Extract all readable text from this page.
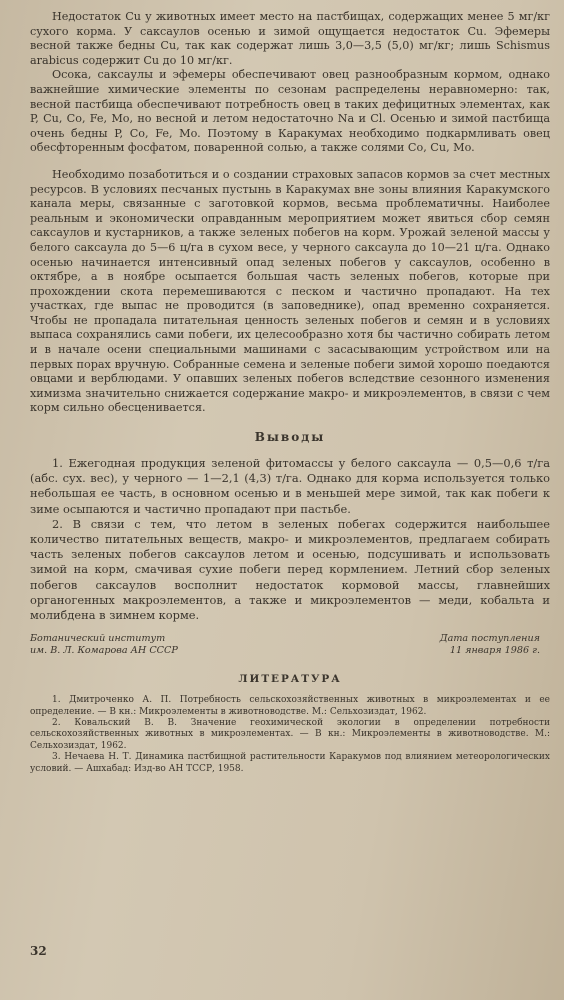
Недостаток Cu у животных имеет место на пастбищах, содержащих менее 5 мг/кг сухого корма. У саксаулов осенью и зимой ощущается недостаток Cu. Эфемеры весной также бедны Cu, так как содержат лишь 3,0—3,5 (5,0) мг/кг; лишь Schismus arabicus содержит Cu до 10 мг/кг.

Осока, саксаулы и эфемеры обеспечивают овец разнообразным кормом, однако важнейшие химические элементы по сезонам распределены неравномерно: так, весной пастбища обеспечивают потребность овец в таких дефицитных элементах, как P, Cu, Co, Fe, Mo, но весной и летом недостаточно Na и Cl. Осенью и зимой пастбища очень бедны P, Co, Fe, Mo. Поэтому в Каракумах необходимо подкармливать овец обесфторенным фосфатом, поваренной солью, а также солями Co, Cu, Mo.

Необходимо позаботиться и о создании страховых запасов кормов за счет местных ресурсов. В условиях песчаных пустынь в Каракумах вне зоны влияния Каракумского канала меры, связанные с заготовкой кормов, весьма проблематичны. Наиболее реальным и экономически оправданным мероприятием может явиться сбор семян саксаулов и кустарников, а также зеленых побегов на корм. Урожай зеленой массы у белого саксаула до 5—6 ц/га в сухом весе, у черного саксаула до 10—21 ц/га. Однако осенью начинается интенсивный опад зеленых побегов у саксаулов, особенно в октябре, а в ноябре осыпается большая часть зеленых побегов, которые при прохождении скота перемешиваются с песком и частично пропадают. На тех участках, где выпас не проводится (в заповеднике), опад временно сохраняется. Чтобы не пропадала питательная ценность зеленых побегов и семян и в условиях выпаса сохранялись сами побеги, их целесообразно хотя бы частично собирать летом и в начале осени специальными машинами с засасывающим устройством или на первых порах вручную. Собранные семена и зеленые побеги зимой хорошо поедаются овцами и верблюдами. У опавших зеленых побегов вследствие сезонного изменения химизма значительно снижается содержание макро- и микроэлементов, в связи с чем корм сильно обесценивается.

Выводы

1. Ежегодная продукция зеленой фитомассы у белого саксаула — 0,5—0,6 т/га (абс. сух. вес), у черного — 1—2,1 (4,3) т/га. Однако для корма используется только небольшая ее часть, в основном осенью и в меньшей мере зимой, так как побеги к зиме осыпаются и частично пропадают при пастьбе.

2. В связи с тем, что летом в зеленых побегах содержится наибольшее количество питательных веществ, макро- и микроэлементов, предлагаем собирать часть зеленых побегов саксаулов летом и осенью, подсушивать и использовать зимой на корм, смачивая сухие побеги перед кормлением. Летний сбор зеленых побегов саксаулов восполнит недостаток кормовой массы, главнейших органогенных макроэлементов, а также и микроэлементов — меди, кобальта и молибдена в зимнем корме.

Ботанический институт
им. В. Л. Комарова АН СССР
Дата поступления
11 января 1986 г.
ЛИТЕРАТУРА

1. Дмитроченко А. П. Потребность сельскохозяйственных животных в микроэлементах и ее определение. — В кн.: Микроэлементы в животноводстве. М.: Сельхозиздат, 1962.

2. Ковальский В. В. Значение геохимической экологии в определении потребности сельскохозяйственных животных в микроэлементах. — В кн.: Микроэлементы в животноводстве. М.: Сельхозиздат, 1962.

3. Нечаева Н. Т. Динамика пастбищной растительности Каракумов под влиянием метеорологических условий. — Ашхабад: Изд-во АН ТССР, 1958.

32
